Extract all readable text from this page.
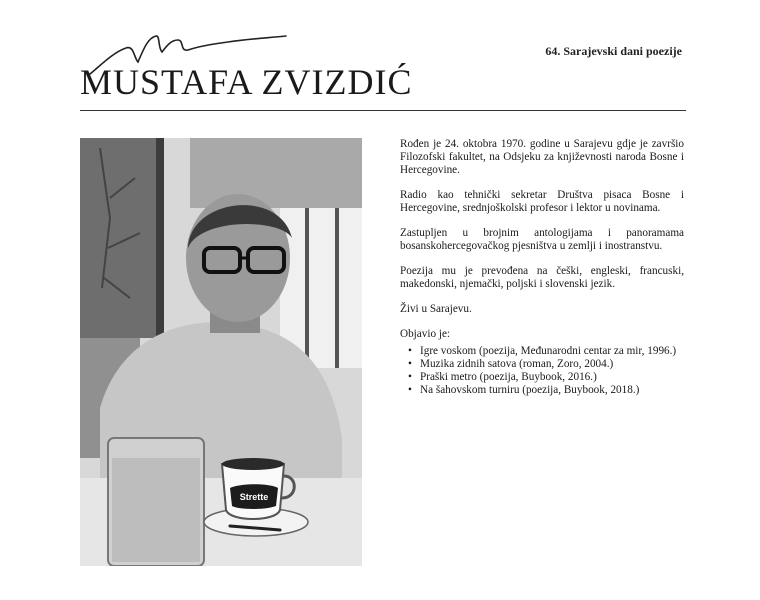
64. Sarajevski dani poezije
MUSTAFA ZVIZDIĆ
Strette

Rođen je 24. oktobra 1970. godine u Sarajevu gdje je završio Filozofski fakultet, na Odsjeku za književnosti naroda Bosne i Hercegovine.

Radio kao tehnički sekretar Društva pisaca Bosne i Hercegovine, srednjoškolski profesor i lektor u novinama.

Zastupljen u brojnim antologijama i panoramama bosanskohercegovačkog pjesništva u zemlji i inostranstvu.

Poezija mu je prevođena na češki, engleski, francuski, makedonski, njemački, poljski i slovenski jezik.

Živi u Sarajevu.

Objavio je:

• Igre voskom (poezija, Međunarodni centar za mir, 1996.)
• Muzika zidnih satova (roman, Zoro, 2004.)
• Praški metro (poezija, Buybook, 2016.)
• Na šahovskom turniru (poezija, Buybook, 2018.)
